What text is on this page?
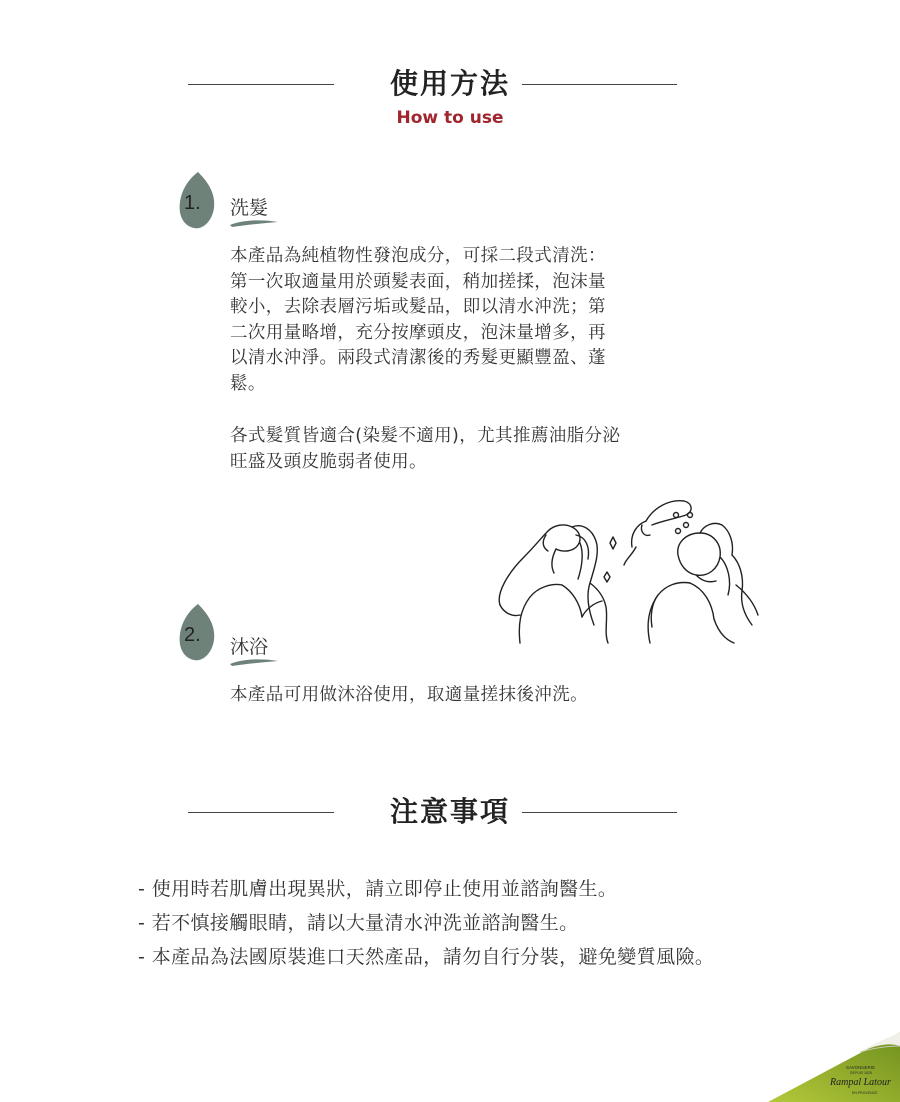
使用方法
How to use
1. 洗髮

本產品為純植物性發泡成分，可採二段式清洗：
第一次取適量用於頭髮表面，稍加搓揉，泡沫量
較小，去除表層污垢或髮品，即以清水沖洗；第
二次用量略增，充分按摩頭皮，泡沫量增多，再
以清水沖淨。兩段式清潔後的秀髮更顯豐盈、蓬
鬆。

各式髮質皆適合(染髮不適用)，尤其推薦油脂分泌
旺盛及頭皮脆弱者使用。

2.
沐浴

本產品可用做沐浴使用，取適量搓抹後沖洗。

注意事項
- 使用時若肌膚出現異狀，請立即停止使用並諮詢醫生。
- 若不慎接觸眼睛，請以大量清水沖洗並諮詢醫生。
- 本產品為法國原裝進口天然產品，請勿自行分裝，避免變質風險。
SAVONNERIE
DEPUIS 1828
Rampal Latour
EN PROVENCE
